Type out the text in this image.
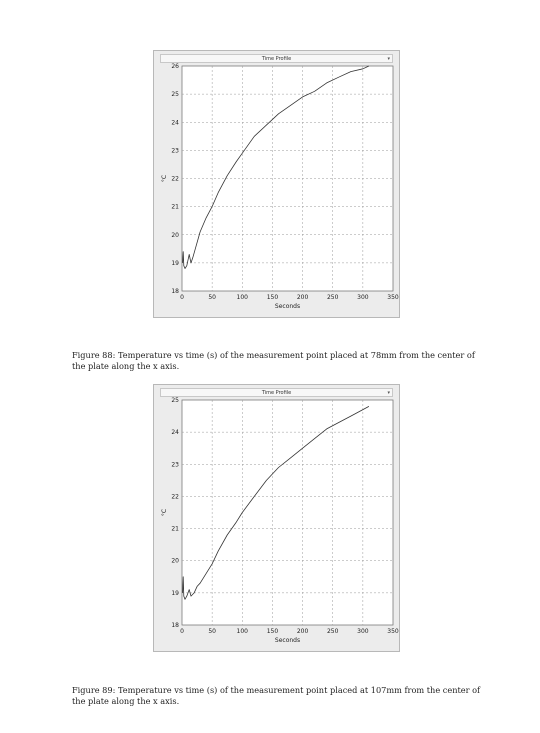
Time Profile	▾
0	50	100	150	200	250	300	350
18
19
20
21
22
23
24
25
26
Seconds
°C

Figure 88: Temperature vs time (s) of the measurement point placed at 78mm from the center of the plate along the x axis.

Time Profile	▾
0	50	100	150	200	250	300	350
18
19
20
21
22
23
24
25
Seconds
°C

Figure 89: Temperature vs time (s) of the measurement point placed at 107mm from the center of the plate along the x axis.
